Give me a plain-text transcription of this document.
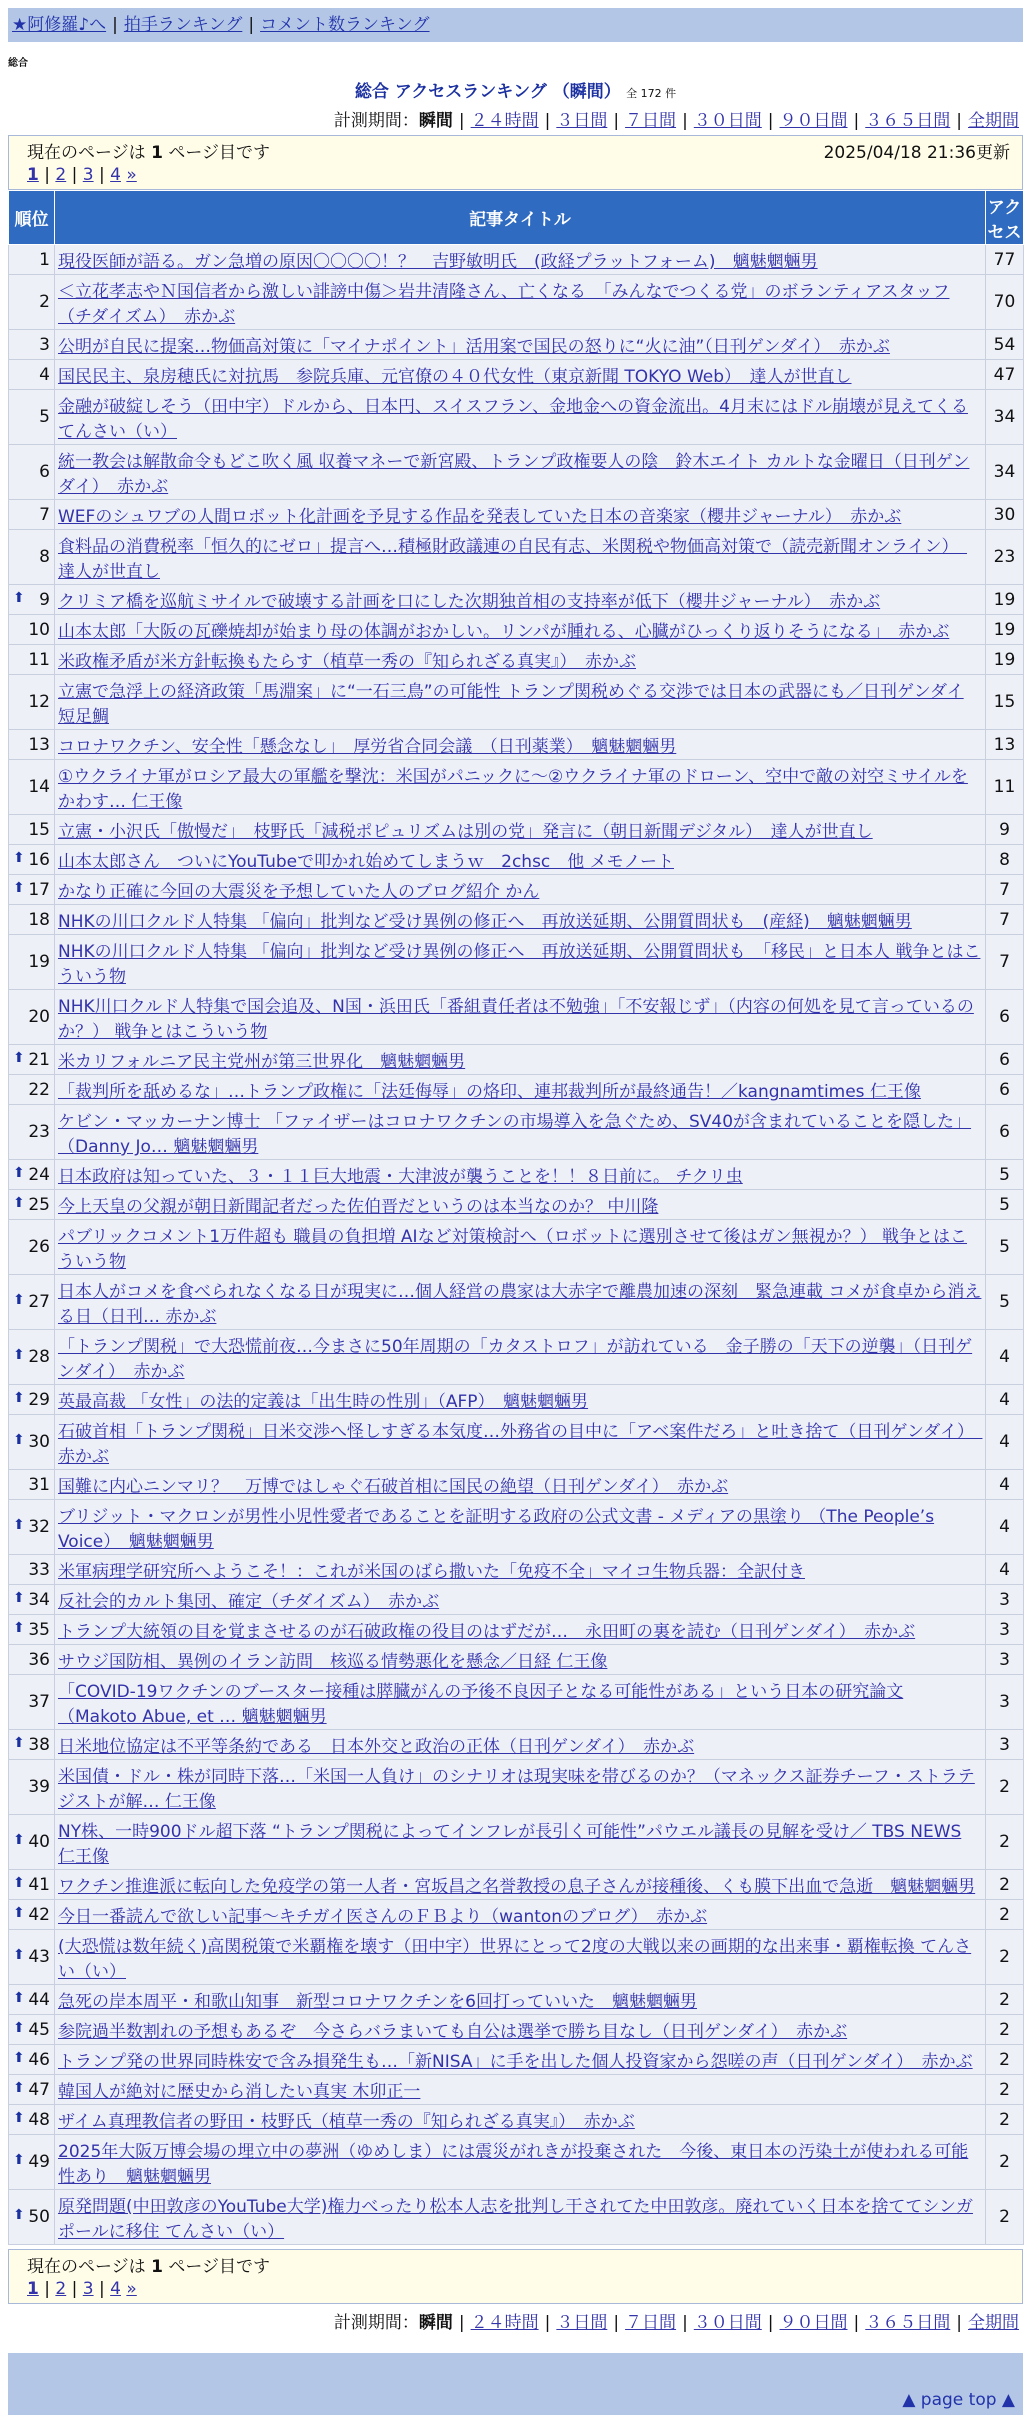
★阿修羅♪へ | 拍手ランキング | コメント数ランキング
総合
総合 アクセスランキング （瞬間） 全 172 件
計測期間：瞬間 | ２４時間 | ３日間 | ７日間 | ３０日間 | ９０日間 | ３６５日間 | 全期間
現在のページは 1 ページ目です	2025/04/18 21:36更新
1 | 2 | 3 | 4 »
順位	記事タイトル	アクセス
1	現役医師が語る。ガン急増の原因〇〇〇〇！？　吉野敏明氏　(政経プラットフォーム)　魑魅魍魎男	77
2	＜立花孝志やＮ国信者から激しい誹謗中傷＞岩井清隆さん、亡くなる　「みんなでつくる党」のボランティアスタッフ（チダイズム）　赤かぶ	70
3	公明が自民に提案…物価高対策に「マイナポイント」活用案で国民の怒りに“火に油”（日刊ゲンダイ）　赤かぶ	54
4	国民民主、泉房穂氏に対抗馬　参院兵庫、元官僚の４０代女性（東京新聞 TOKYO Web）　達人が世直し	47
5	金融が破綻しそう（田中宇）ドルから、日本円、スイスフラン、金地金への資金流出。4月末にはドル崩壊が見えてくる てんさい（い）	34
6	統一教会は解散命令もどこ吹く風 収養マネーで新宮殿、トランプ政権要人の陰　鈴木エイト カルトな金曜日（日刊ゲンダイ）　赤かぶ	34
7	WEFのシュワブの人間ロボット化計画を予見する作品を発表していた日本の音楽家（櫻井ジャーナル）　赤かぶ	30
8	食料品の消費税率「恒久的にゼロ」提言へ…積極財政議連の自民有志、米関税や物価高対策で（読売新聞オンライン）　達人が世直し	23

⬆ 9	クリミア橋を巡航ミサイルで破壊する計画を口にした次期独首相の支持率が低下（櫻井ジャーナル）　赤かぶ	19
10	山本太郎「大阪の瓦礫焼却が始まり母の体調がおかしい。リンパが腫れる、心臓がひっくり返りそうになる」　赤かぶ	19
11	米政権矛盾が米方針転換もたらす（植草一秀の『知られざる真実』）　赤かぶ	19
12	立憲で急浮上の経済政策「馬淵案」に“一石三鳥”の可能性 トランプ関税めぐる交渉では日本の武器にも／日刊ゲンダイ 短足鯛	15
13	コロナワクチン、安全性「懸念なし」　厚労省合同会議　（日刊薬業）　魑魅魍魎男	13
14	①ウクライナ軍がロシア最大の軍艦を撃沈：米国がパニックに～②ウクライナ軍のドローン、空中で敵の対空ミサイルをかわす… 仁王像	11
15	立憲・小沢氏「傲慢だ」　枝野氏「減税ポピュリズムは別の党」発言に（朝日新聞デジタル）　達人が世直し	9

⬆ 16	山本太郎さん　ついにYouTubeで叩かれ始めてしまうｗ　2chsc　他 メモノート	8

⬆ 17	かなり正確に今回の大震災を予想していた人のブログ紹介 かん	7
18	NHKの川口クルド人特集 「偏向」批判など受け異例の修正へ　再放送延期、公開質問状も　(産経)　魑魅魍魎男	7
19	NHKの川口クルド人特集 「偏向」批判など受け異例の修正へ　再放送延期、公開質問状も　「移民」と日本人 戦争とはこういう物	7
20	NHK川口クルド人特集で国会追及、N国・浜田氏「番組責任者は不勉強」「不安報じず」（内容の何処を見て言っているのか？） 戦争とはこういう物	6

⬆ 21	米カリフォルニア民主党州が第三世界化　魑魅魍魎男	6
22	「裁判所を舐めるな」…トランプ政権に「法廷侮辱」の烙印、連邦裁判所が最終通告！／kangnamtimes 仁王像	6
23	ケビン・マッカーナン博士 「ファイザーはコロナワクチンの市場導入を急ぐため、SV40が含まれていることを隠した」（Danny Jo… 魑魅魍魎男	6

⬆ 24	日本政府は知っていた、３・１１巨大地震・大津波が襲うことを！！８日前に。 チクリ虫	5

⬆ 25	今上天皇の父親が朝日新聞記者だった佐伯晋だというのは本当なのか？ 中川隆	5
26	パブリックコメント1万件超も 職員の負担増 AIなど対策検討へ（ロボットに選別させて後はガン無視か？） 戦争とはこういう物	5

⬆ 27	日本人がコメを食べられなくなる日が現実に…個人経営の農家は大赤字で離農加速の深刻　緊急連載 コメが食卓から消える日（日刊… 赤かぶ	5

⬆ 28	「トランプ関税」で大恐慌前夜…今まさに50年周期の「カタストロフ」が訪れている　金子勝の「天下の逆襲」（日刊ゲンダイ）　赤かぶ	4

⬆ 29	英最高裁 「女性」の法的定義は「出生時の性別」（AFP）　魑魅魍魎男	4

⬆ 30	石破首相「トランプ関税」日米交渉へ怪しすぎる本気度…外務省の目中に「アベ案件だろ」と吐き捨て（日刊ゲンダイ）　赤かぶ	4
31	国難に内心ニンマリ？　万博ではしゃぐ石破首相に国民の絶望（日刊ゲンダイ）　赤かぶ	4

⬆ 32	ブリジット・マクロンが男性小児性愛者であることを証明する政府の公式文書 - メディアの黒塗り （The People’s Voice）　魑魅魍魎男	4
33	米軍病理学研究所へようこそ！：これが米国のばら撒いた「免疫不全」マイコ生物兵器：全訳付き	4

⬆ 34	反社会的カルト集団、確定（チダイズム）　赤かぶ	3

⬆ 35	トランプ大統領の目を覚まさせるのが石破政権の役目のはずだが…　永田町の裏を読む（日刊ゲンダイ）　赤かぶ	3
36	サウジ国防相、異例のイラン訪問　核巡る情勢悪化を懸念／日経 仁王像	3
37	「COVID-19ワクチンのブースター接種は膵臓がんの予後不良因子となる可能性がある」という日本の研究論文 （Makoto Abue, et … 魑魅魍魎男	3

⬆ 38	日米地位協定は不平等条約である　日本外交と政治の正体（日刊ゲンダイ）　赤かぶ	3
39	米国債・ドル・株が同時下落…「米国一人負け」のシナリオは現実味を帯びるのか？（マネックス証券チーフ・ストラテジストが解… 仁王像	2

⬆ 40	NY株、一時900ドル超下落 “トランプ関税によってインフレが長引く可能性”パウエル議長の見解を受け／ TBS NEWS 仁王像	2

⬆ 41	ワクチン推進派に転向した免疫学の第一人者・宮坂昌之名誉教授の息子さんが接種後、くも膜下出血で急逝　魑魅魍魎男	2

⬆ 42	今日一番読んで欲しい記事～キチガイ医さんのＦＢより（wantonのブログ）　赤かぶ	2

⬆ 43	(大恐慌は数年続く)高関税策で米覇権を壊す（田中宇）世界にとって2度の大戦以来の画期的な出来事・覇権転換 てんさい（い）	2

⬆ 44	急死の岸本周平・和歌山知事　新型コロナワクチンを6回打っていいた　魑魅魍魎男	2

⬆ 45	参院過半数割れの予想もあるぞ　今さらバラまいても自公は選挙で勝ち目なし（日刊ゲンダイ）　赤かぶ	2

⬆ 46	トランプ発の世界同時株安で含み損発生も…「新NISA」に手を出した個人投資家から怨嗟の声（日刊ゲンダイ）　赤かぶ	2

⬆ 47	韓国人が絶対に歴史から消したい真実 木卯正一	2

⬆ 48	ザイム真理教信者の野田・枝野氏（植草一秀の『知られざる真実』）　赤かぶ	2

⬆ 49	2025年大阪万博会場の埋立中の夢洲（ゆめしま）には震災がれきが投棄された　今後、東日本の汚染土が使われる可能性あり　魑魅魍魎男	2

⬆ 50	原発問題(中田敦彦のYouTube大学)権力べったり松本人志を批判し干されてた中田敦彦。廃れていく日本を捨ててシンガポールに移住 てんさい（い）	2
現在のページは 1 ページ目です
1 | 2 | 3 | 4 »
計測期間：瞬間 | ２４時間 | ３日間 | ７日間 | ３０日間 | ９０日間 | ３６５日間 | 全期間
▲ page top ▲
